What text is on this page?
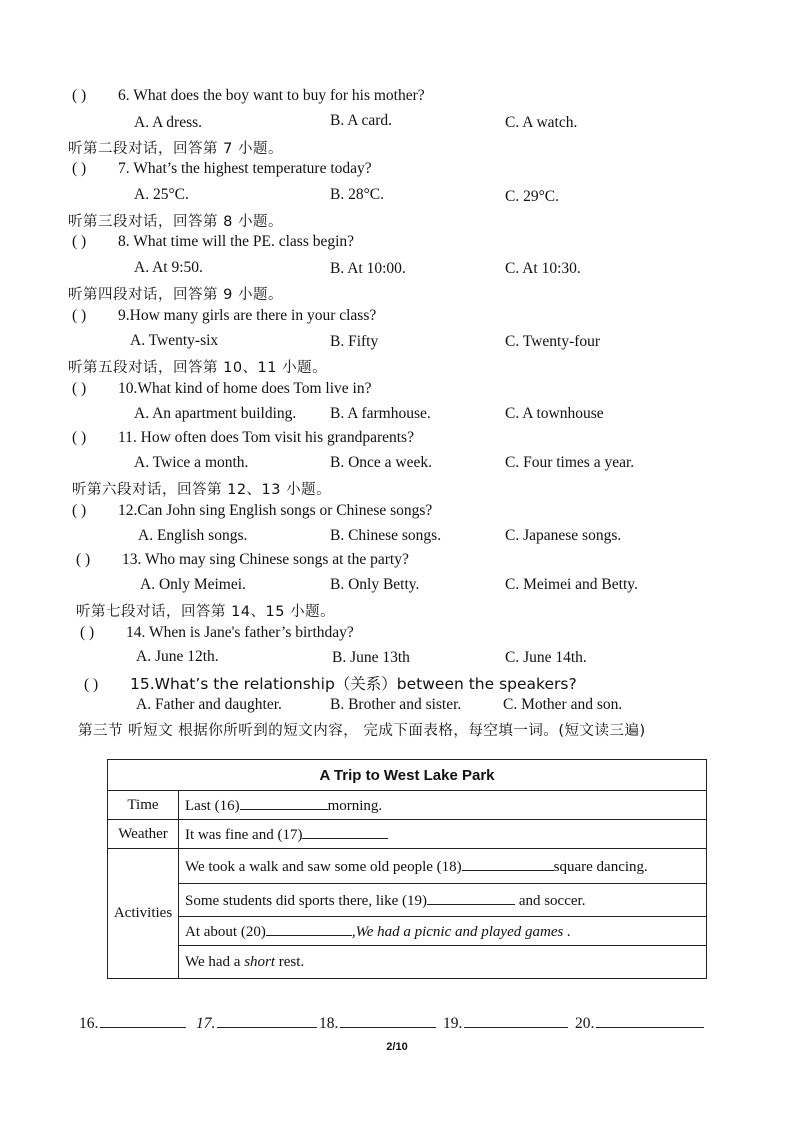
( ) 6. What does the boy want to buy for his mother?
A. A dress.	B. A card.	C. A watch.
听第二段对话，回答第 7 小题。
( ) 7. What’s the highest temperature today?
A. 25°C.	B. 28°C.	C. 29°C.
听第三段对话，回答第 8 小题。
( ) 8. What time will the PE. class begin?
A. At 9:50.	B. At 10:00.	C. At 10:30.
听第四段对话，回答第 9 小题。
( ) 9.How many girls are there in your class?
A. Twenty-six	B. Fifty	C. Twenty-four
听第五段对话，回答第 10、11 小题。
( ) 10.What kind of home does Tom live in?
A. An apartment building. B. A farmhouse.	C. A townhouse
( ) 11. How often does Tom visit his grandparents?
A. Twice a month.	B. Once a week.	C. Four times a year.
听第六段对话，回答第 12、13 小题。
( ) 12.Can John sing English songs or Chinese songs?
A. English songs.	B. Chinese songs.	C. Japanese songs.
( ) 13. Who may sing Chinese songs at the party?
A. Only Meimei.	B. Only Betty.	C. Meimei and Betty.
听第七段对话，回答第 14、15 小题。
( ) 14. When is Jane's father’s birthday?
A. June 12th.	B. June 13th	C. June 14th.
( ) 15.What’s the relationship（关系）between the speakers?
A. Father and daughter.	B. Brother and sister.	C. Mother and son.
第三节 听短文 根据你所听到的短文内容， 完成下面表格，每空填一词。(短文读三遍)
A Trip to West Lake Park	
Time	Last (16) morning.
Weather	It was fine and (17)
Activities	We took a walk and saw some old people (18) square dancing.
	Some students did sports there, like (19) and soccer.
	At about (20) ,We had a picnic and played games .
	We had a short rest.
16.	17.	18.	19.	20.
2/10
